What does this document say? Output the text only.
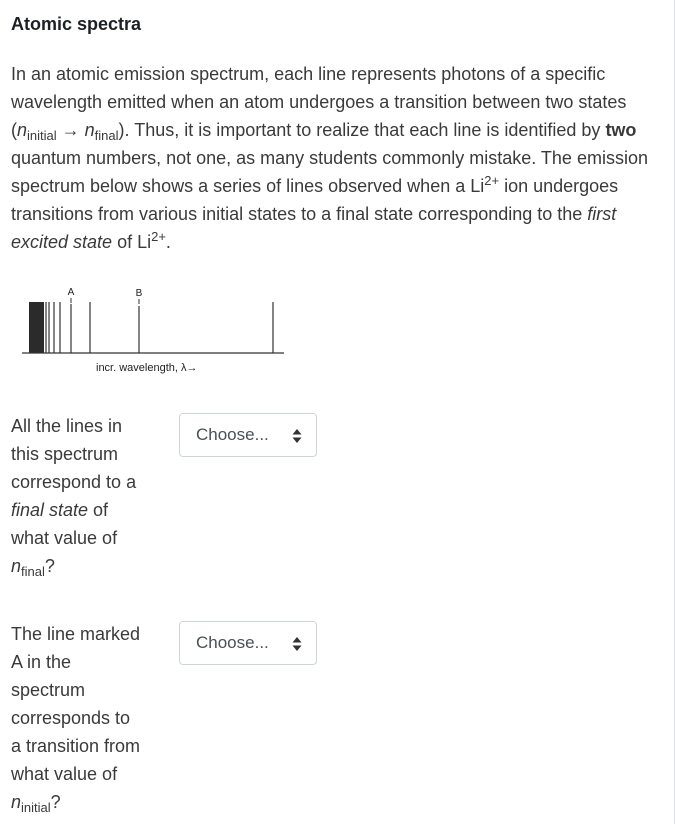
Atomic spectra
In an atomic emission spectrum, each line represents photons of a specific wavelength emitted when an atom undergoes a transition between two states $(n_{initial} \to n_{final})$. Thus, it is important to realize that each line is identified by two quantum numbers, not one, as many students commonly mistake. The emission spectrum below shows a series of lines observed when a $Li^{2+}$ ion undergoes transitions from various initial states to a final state corresponding to the first excited state of $Li^{2+}$.
A	B
incr. wavelength, λ→
All the lines in this spectrum correspond to a final state of what value of $n_{final}$?
Choose...
The line marked A in the spectrum corresponds to a transition from what value of $n_{initial}$?
Choose...
